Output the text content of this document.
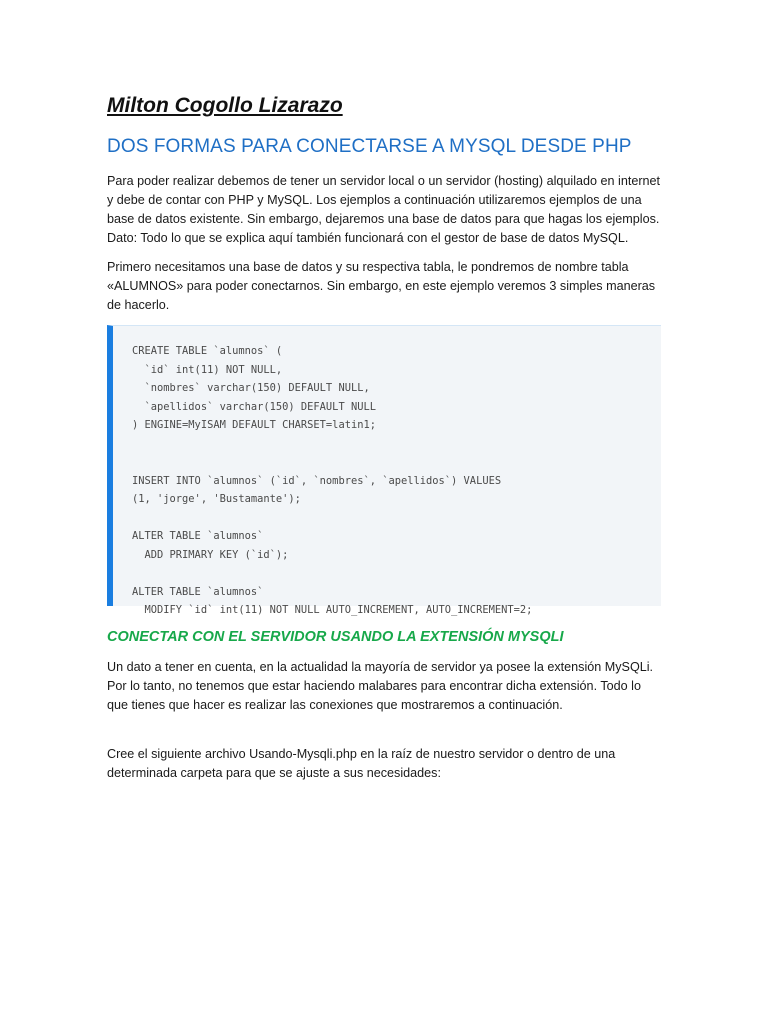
Milton Cogollo Lizarazo
DOS FORMAS PARA CONECTARSE A MYSQL DESDE PHP

Para poder realizar debemos de tener un servidor local o un servidor (hosting) alquilado en internet y debe de contar con PHP y MySQL. Los ejemplos a continuación utilizaremos ejemplos de una base de datos existente. Sin embargo, dejaremos una base de datos para que hagas los ejemplos. Dato: Todo lo que se explica aquí también funcionará con el gestor de base de datos MySQL.

Primero necesitamos una base de datos y su respectiva tabla, le pondremos de nombre tabla «ALUMNOS» para poder conectarnos. Sin embargo, en este ejemplo veremos 3 simples maneras de hacerlo.

CREATE TABLE `alumnos` (
`id` int(11) NOT NULL,
`nombres` varchar(150) DEFAULT NULL,
`apellidos` varchar(150) DEFAULT NULL
) ENGINE=MyISAM DEFAULT CHARSET=latin1;
INSERT INTO `alumnos` (`id`, `nombres`, `apellidos`) VALUES
(1, 'jorge', 'Bustamante');
ALTER TABLE `alumnos`
ADD PRIMARY KEY (`id`);
ALTER TABLE `alumnos`
MODIFY `id` int(11) NOT NULL AUTO_INCREMENT, AUTO_INCREMENT=2;
CONECTAR CON EL SERVIDOR USANDO LA EXTENSIÓN MYSQLI

Un dato a tener en cuenta, en la actualidad la mayoría de servidor ya posee la extensión MySQLi. Por lo tanto, no tenemos que estar haciendo malabares para encontrar dicha extensión. Todo lo que tienes que hacer es realizar las conexiones que mostraremos a continuación.

Cree el siguiente archivo Usando-Mysqli.php en la raíz de nuestro servidor o dentro de una determinada carpeta para que se ajuste a sus necesidades:
